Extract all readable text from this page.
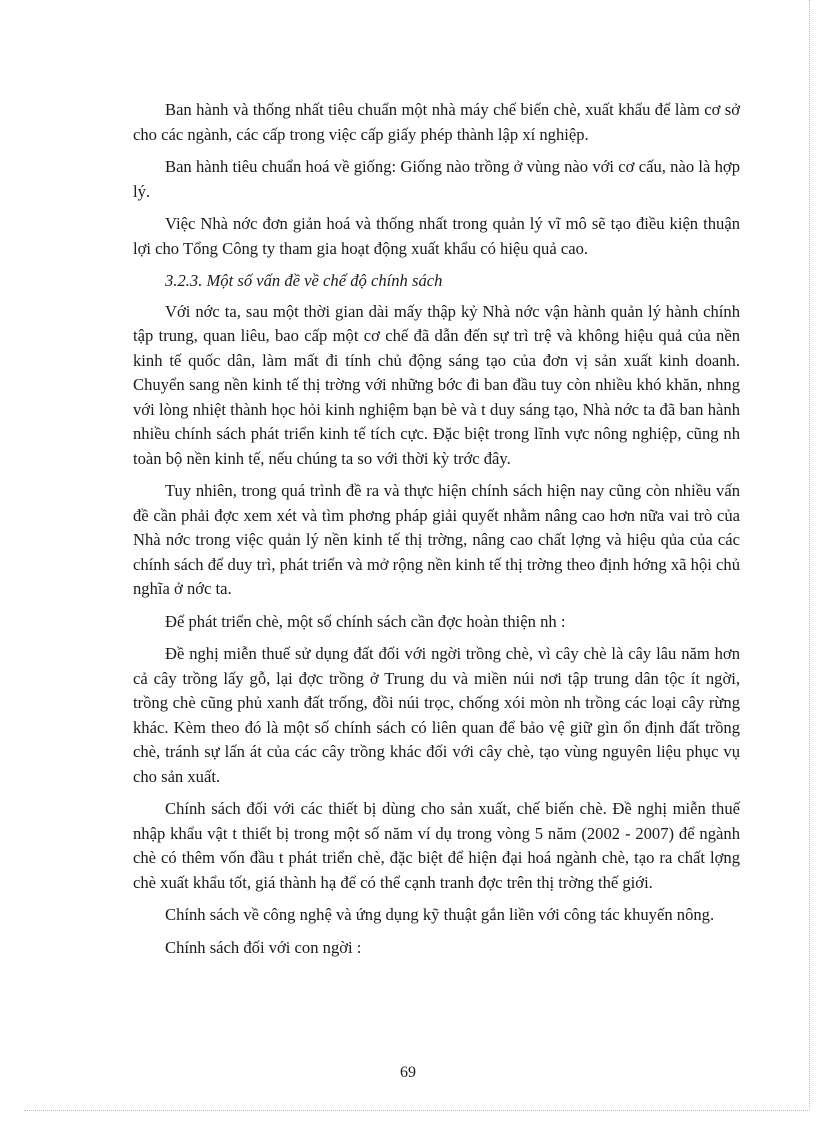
Ban hành và thống nhất tiêu chuẩn một nhà máy chế biến chè, xuất khẩu để làm cơ sở cho các ngành, các cấp trong việc cấp giấy phép thành lập xí nghiệp.

Ban hành tiêu chuẩn hoá về giống: Giống nào trồng ở vùng nào với cơ cấu, nào là hợp lý.

Việc Nhà nớc đơn giản hoá và thống nhất trong quản lý vĩ mô sẽ tạo điều kiện thuận lợi cho Tổng Công ty tham gia hoạt động xuất khẩu có hiệu quả cao.

3.2.3. Một số vấn đề về chế độ chính sách

Với nớc ta, sau một thời gian dài mấy thập kỷ Nhà nớc vận hành quản lý hành chính tập trung, quan liêu, bao cấp một cơ chế đã dẫn đến sự trì trệ và không hiệu quả của nền kinh tế quốc dân, làm mất đi tính chủ động sáng tạo của đơn vị sản xuất kinh doanh. Chuyển sang nền kinh tế thị trờng với những bớc đi ban đầu tuy còn nhiều khó khăn, nhng với lòng nhiệt thành học hỏi kinh nghiệm bạn bè và t duy sáng tạo, Nhà nớc ta đã ban hành nhiều chính sách phát triển kinh tế tích cực. Đặc biệt trong lĩnh vực nông nghiệp, cũng nh toàn bộ nền kinh tế, nếu chúng ta so với thời kỳ trớc đây.

Tuy nhiên, trong quá trình đề ra và thực hiện chính sách hiện nay cũng còn nhiều vấn đề cần phải đợc xem xét và tìm phơng pháp giải quyết nhằm nâng cao hơn nữa vai trò của Nhà nớc trong việc quản lý nền kinh tế thị trờng, nâng cao chất lợng và hiệu qủa của các chính sách để duy trì, phát triển và mở rộng nền kinh tế thị trờng theo định hớng xã hội chủ nghĩa ở nớc ta.

Để phát triển chè, một số chính sách cần đợc hoàn thiện nh :

Đề nghị miễn thuế sử dụng đất đối với ngời trồng chè, vì cây chè là cây lâu năm hơn cả cây trồng lấy gỗ, lại đợc trồng ở Trung du và miền núi nơi tập trung dân tộc ít ngời, trồng chè cũng phủ xanh đất trống, đồi núi trọc, chống xói mòn nh trồng các loại cây rừng khác. Kèm theo đó là một số chính sách có liên quan để bảo vệ giữ gìn ổn định đất trồng chè, tránh sự lấn át của các cây trồng khác đối với cây chè, tạo vùng nguyên liệu phục vụ cho sản xuất.

Chính sách đối với các thiết bị dùng cho sản xuất, chế biến chè. Đề nghị miễn thuế nhập khẩu vật t thiết bị trong một số năm ví dụ trong vòng 5 năm (2002 - 2007) để ngành chè có thêm vốn đầu t phát triển chè, đặc biệt để hiện đại hoá ngành chè, tạo ra chất lợng chè xuất khẩu tốt, giá thành hạ để có thể cạnh tranh đợc trên thị trờng thế giới.

Chính sách về công nghệ và ứng dụng kỹ thuật gắn liền với công tác khuyến nông.

Chính sách đối với con ngời :

69
